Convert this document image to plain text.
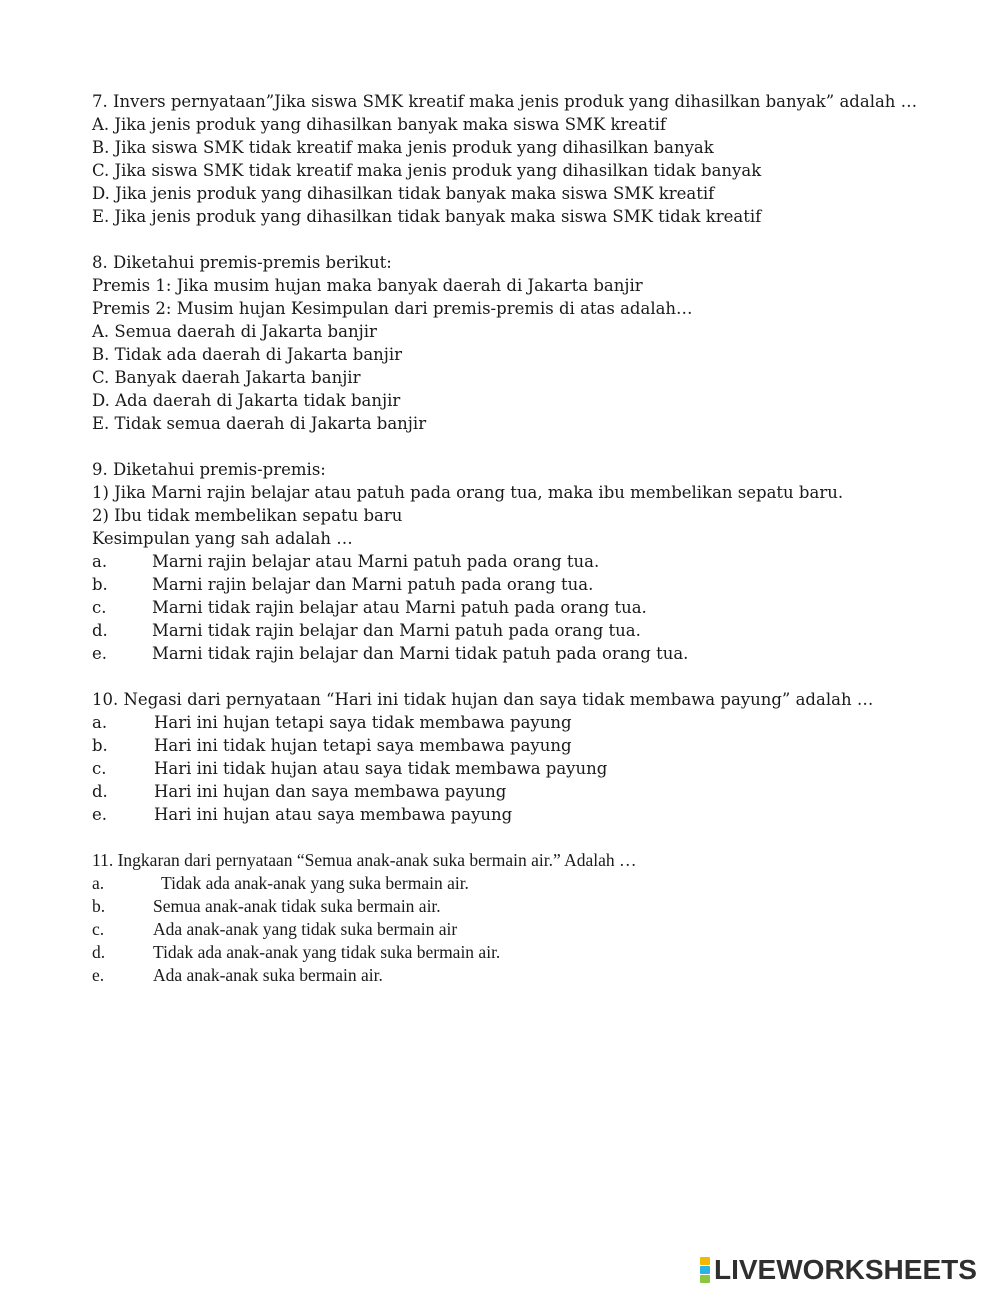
7. Invers pernyataan”Jika siswa SMK kreatif maka jenis produk yang dihasilkan banyak” adalah …
A. Jika jenis produk yang dihasilkan banyak maka siswa SMK kreatif
B. Jika siswa SMK tidak kreatif maka jenis produk yang dihasilkan banyak
C. Jika siswa SMK tidak kreatif maka jenis produk yang dihasilkan tidak banyak
D. Jika jenis produk yang dihasilkan tidak banyak maka siswa SMK kreatif
E. Jika jenis produk yang dihasilkan tidak banyak maka siswa SMK tidak kreatif
8. Diketahui premis-premis berikut:
Premis 1: Jika musim hujan maka banyak daerah di Jakarta banjir
Premis 2: Musim hujan Kesimpulan dari premis-premis di atas adalah…
A. Semua daerah di Jakarta banjir
B. Tidak ada daerah di Jakarta banjir
C. Banyak daerah Jakarta banjir
D. Ada daerah di Jakarta tidak banjir
E. Tidak semua daerah di Jakarta banjir
9. Diketahui premis-premis:
1) Jika Marni rajin belajar atau patuh pada orang tua, maka ibu membelikan sepatu baru.
2) Ibu tidak membelikan sepatu baru
Kesimpulan yang sah adalah …
a.	Marni rajin belajar atau Marni patuh pada orang tua.
b.	Marni rajin belajar dan Marni patuh pada orang tua.
c.	Marni tidak rajin belajar atau Marni patuh pada orang tua.
d.	Marni tidak rajin belajar dan Marni patuh pada orang tua.
e.	Marni tidak rajin belajar dan Marni tidak patuh pada orang tua.
10. Negasi dari pernyataan “Hari ini tidak hujan dan saya tidak membawa payung” adalah …
a.	Hari ini hujan tetapi saya tidak membawa payung
b.	Hari ini tidak hujan tetapi saya membawa payung
c.	Hari ini tidak hujan atau saya tidak membawa payung
d.	Hari ini hujan dan saya membawa payung
e.	Hari ini hujan atau saya membawa payung
11. Ingkaran dari pernyataan “Semua anak-anak suka bermain air.” Adalah …
a.	Tidak ada anak-anak yang suka bermain air.
b.	Semua anak-anak tidak suka bermain air.
c.	Ada anak-anak yang tidak suka bermain air
d.	Tidak ada anak-anak yang tidak suka bermain air.
e.	Ada anak-anak suka bermain air.
LIVEWORKSHEETS
